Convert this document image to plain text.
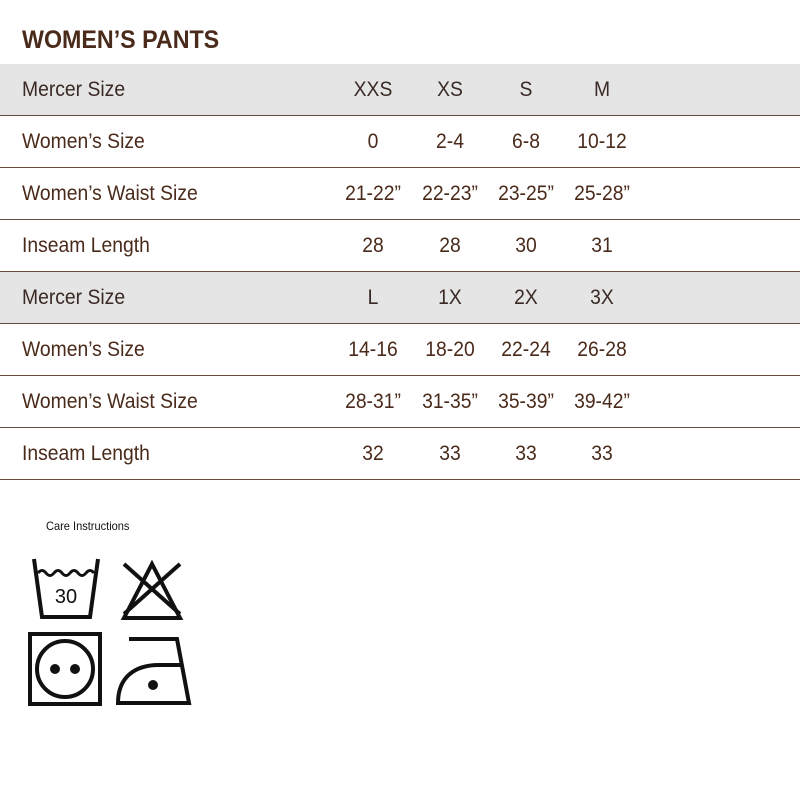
WOMEN’S PANTS
Mercer Size	XXS	XS	S	M
Women’s Size	0	2-4	6-8	10-12
Women’s Waist Size	21-22”	22-23” 23-25” 25-28”
Inseam Length	28	28	30	31
Mercer Size	L	1X	2X	3X
Women’s Size	14-16	18-20	22-24	26-28
Women’s Waist Size	28-31”	31-35” 35-39” 39-42”
Inseam Length	32	33	33	33
Care Instructions
30
